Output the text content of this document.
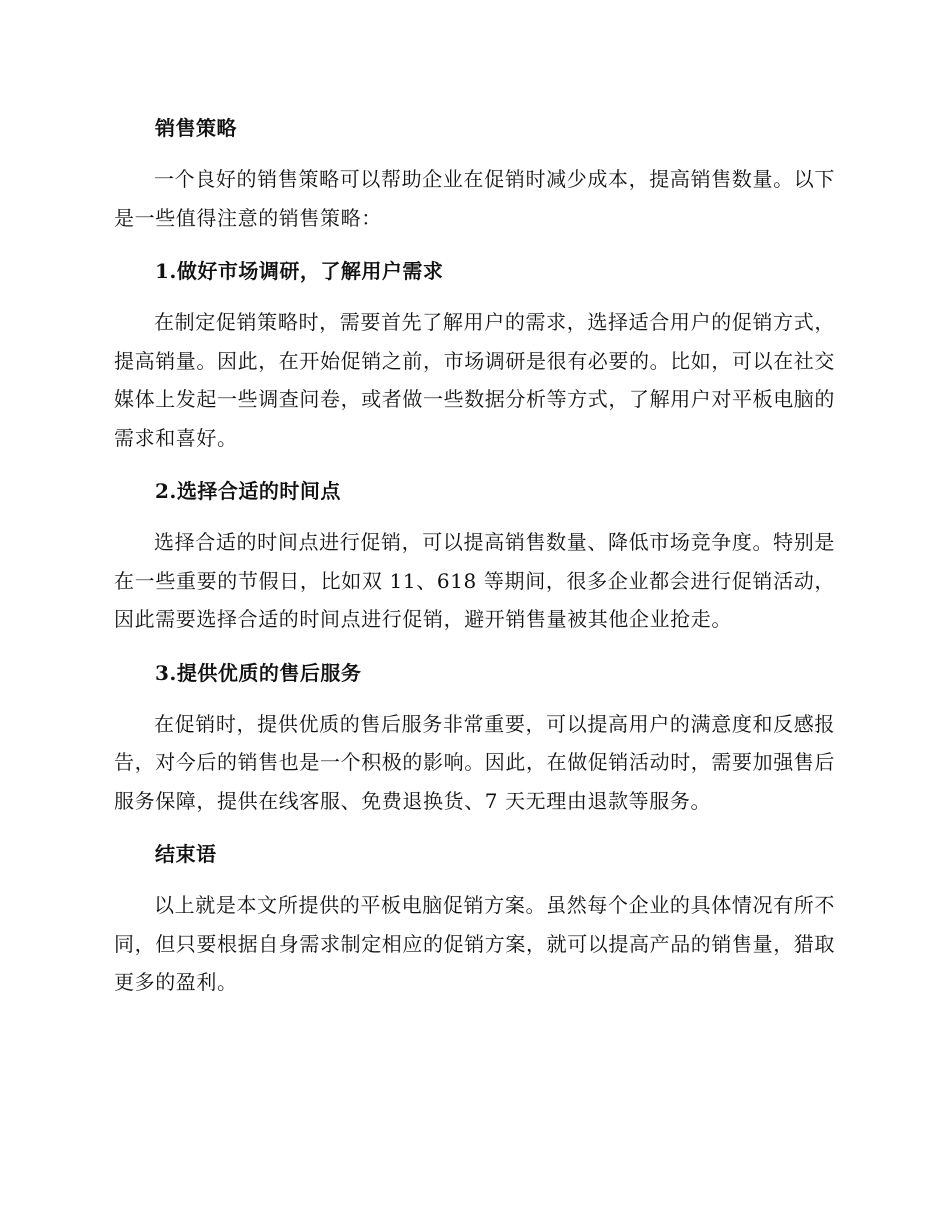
销售策略

一个良好的销售策略可以帮助企业在促销时减少成本，提高销售数量。以下是一些值得注意的销售策略：

1.做好市场调研，了解用户需求

在制定促销策略时，需要首先了解用户的需求，选择适合用户的促销方式，提高销量。因此，在开始促销之前，市场调研是很有必要的。比如，可以在社交媒体上发起一些调查问卷，或者做一些数据分析等方式，了解用户对平板电脑的需求和喜好。

2.选择合适的时间点

选择合适的时间点进行促销，可以提高销售数量、降低市场竞争度。特别是在一些重要的节假日，比如双 11、618 等期间，很多企业都会进行促销活动，因此需要选择合适的时间点进行促销，避开销售量被其他企业抢走。

3.提供优质的售后服务

在促销时，提供优质的售后服务非常重要，可以提高用户的满意度和反感报告，对今后的销售也是一个积极的影响。因此，在做促销活动时，需要加强售后服务保障，提供在线客服、免费退换货、7 天无理由退款等服务。

结束语

以上就是本文所提供的平板电脑促销方案。虽然每个企业的具体情况有所不同，但只要根据自身需求制定相应的促销方案，就可以提高产品的销售量，猎取更多的盈利。
